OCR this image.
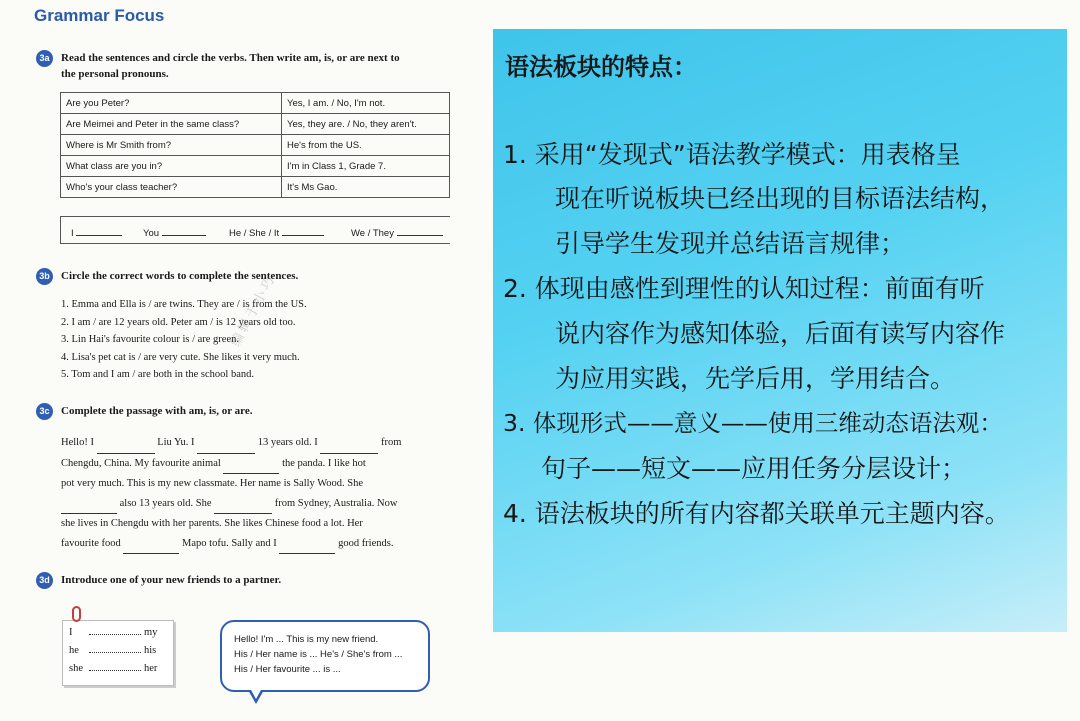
Grammar Focus
3a	Read the sentences and circle the verbs. Then write am, is, or are next to
the personal pronouns.
Are you Peter?	Yes, I am. / No, I'm not.
Are Meimei and Peter in the same class?	Yes, they are. / No, they aren't.
Where is Mr Smith from?	He's from the US.
What class are you in?	I'm in Class 1, Grade 7.
Who's your class teacher?	It's Ms Gao.
I	You	He / She / It	We / They
3b Circle the correct words to complete the sentences.
1. Emma and Ella is / are twins. They are / is from the US.
2. I am / are 12 years old. Peter am / is 12 years old too.
3. Lin Hai's favourite colour is / are green.
4. Lisa's pet cat is / are very cute. She likes it very much.
5. Tom and I am / are both in the school band.
编辑于小巧
3c	Complete the passage with am, is, or are.
Hello! I	Liu Yu. I	13 years old. I	from
Chengdu, China. My favourite animal	the panda. I like hot
pot very much. This is my new classmate. Her name is Sally Wood. She
also 13 years old. She	from Sydney, Australia. Now
she lives in Chengdu with her parents. She likes Chinese food a lot. Her
favourite food	Mapo tofu. Sally and I	good friends.
3d Introduce one of your new friends to a partner.
I	my
he	his
she	her
Hello! I'm ... This is my new friend.
His / Her name is ... He's / She's from ...
His / Her favourite ... is ...
语法板块的特点：
1. 采用“发现式”语法教学模式：用表格呈
现在听说板块已经出现的目标语法结构，
引导学生发现并总结语言规律；
2. 体现由感性到理性的认知过程：前面有听
说内容作为感知体验，后面有读写内容作
为应用实践，先学后用，学用结合。
3. 体现形式——意义——使用三维动态语法观：
句子——短文——应用任务分层设计；
4. 语法板块的所有内容都关联单元主题内容。
